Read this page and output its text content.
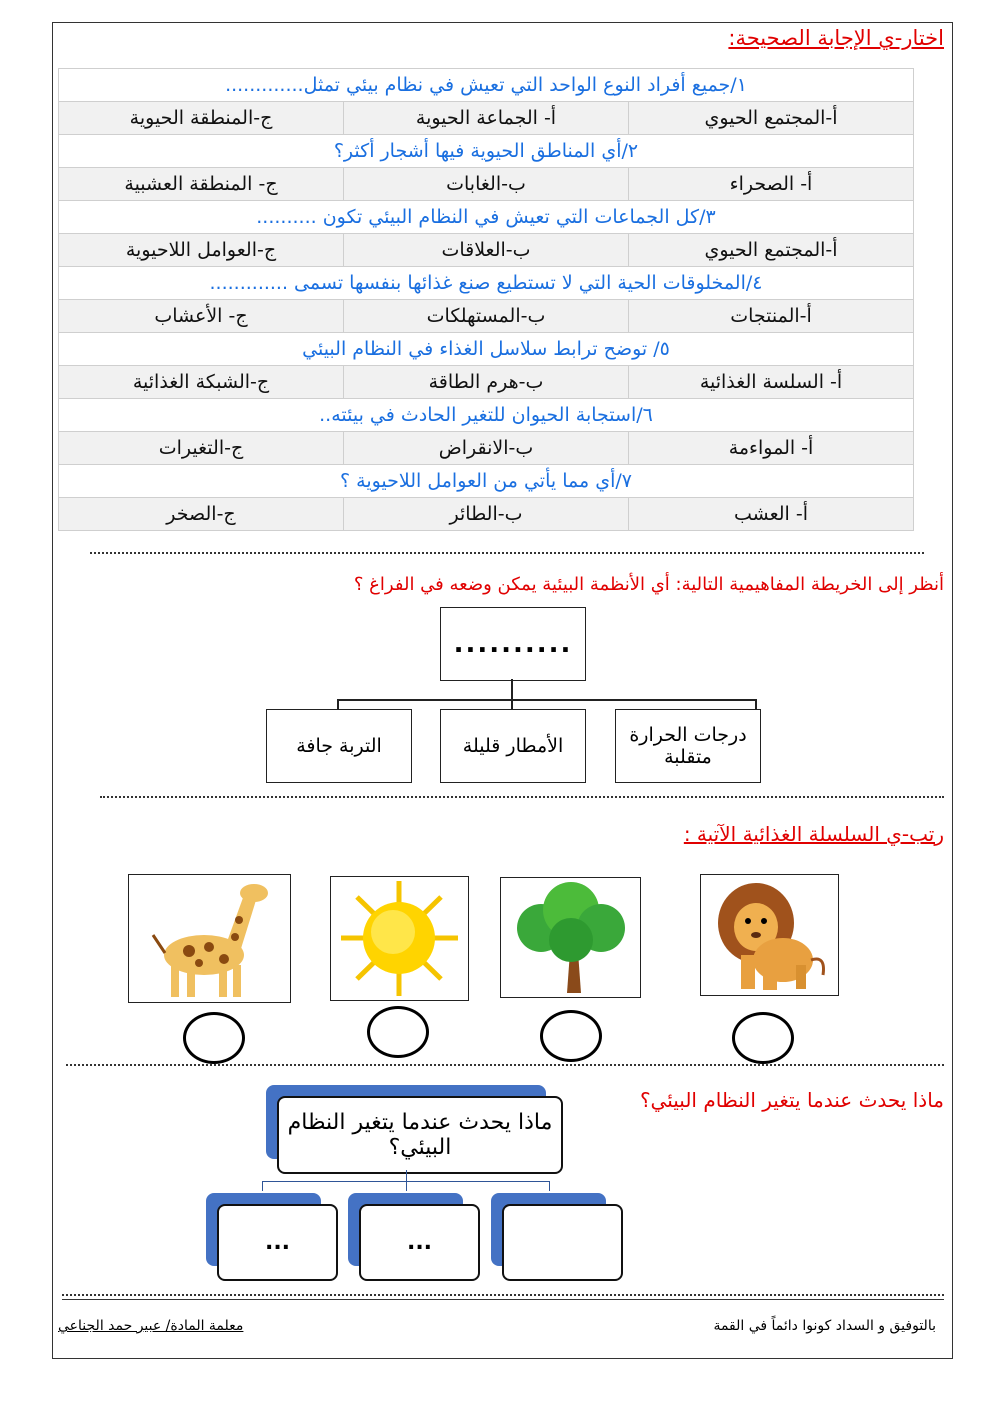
اختار-ي الإجابة الصحيحة:
١/جميع أفراد النوع الواحد التي تعيش في نظام بيئي تمثل.............		
أ-المجتمع الحيوي	أ- الجماعة الحيوية	ج-المنطقة الحيوية
٢/أي المناطق الحيوية فيها أشجار أكثر؟		
أ- الصحراء	ب-الغابات	ج- المنطقة العشبية
٣/كل الجماعات التي تعيش في النظام البيئي تكون ..........		
أ-المجتمع الحيوي	ب-العلاقات	ج-العوامل اللاحيوية
٤/المخلوقات الحية التي لا تستطيع صنع غذائها بنفسها تسمى .............		
أ-المنتجات	ب-المستهلكات	ج- الأعشاب
٥/ توضح ترابط سلاسل الغذاء في النظام البيئي		
أ- السلسة الغذائية	ب-هرم الطاقة	ج-الشبكة الغذائية
٦/استجابة الحيوان للتغير الحادث في بيئته..		
أ- المواءمة	ب-الانقراض	ج-التغيرات
٧/أي مما يأتي من العوامل اللاحيوية ؟		
أ- العشب	ب-الطائر	ج-الصخر
أنظر إلى الخريطة المفاهيمية التالية: أي الأنظمة البيئية يمكن وضعه في الفراغ ؟
..........
درجات الحرارة متقلبة
الأمطار قليلة
التربة جافة
رتب-ي السلسلة الغذائية الآتية :
ماذا يحدث عندما يتغير النظام البيئي؟
ماذا يحدث عندما يتغير النظام البيئي؟
...
...
بالتوفيق و السداد كونوا دائماً في القمة
معلمة المادة/ عبير حمد الجناعي
